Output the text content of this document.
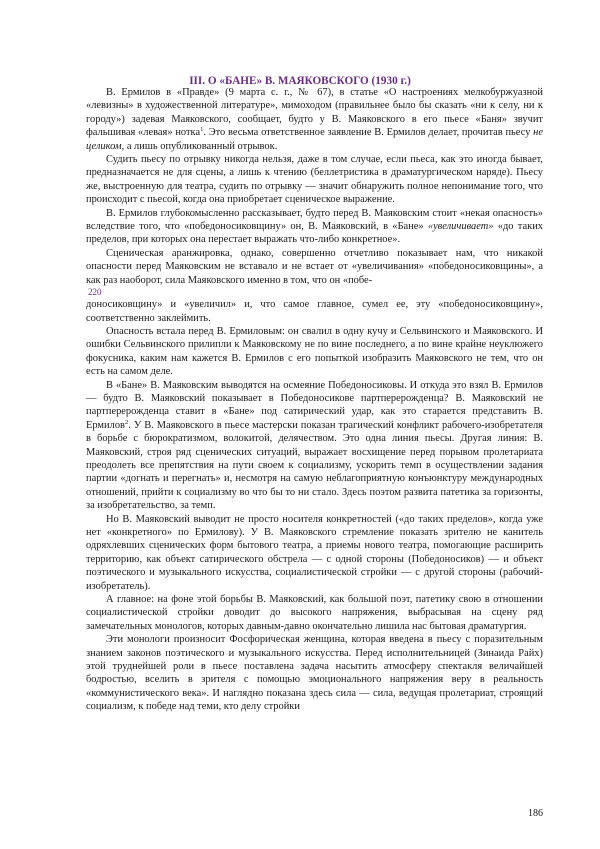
III. О «БАНЕ» В. МАЯКОВСКОГО (1930 г.)

В. Ермилов в «Правде» (9 марта с. г., № 67), в статье «О настроениях мелкобуржуазной «левизны» в художественной литературе», мимоходом (правильнее было бы сказать «ни к селу, ни к городу») задевая Маяковского, сообщает, будто у В. Маяковского в его пьесе «Баня» звучит фальшивая «левая» нотка$^1$. Это весьма ответственное заявление В. Ермилов делает, прочитав пьесу не целиком, а лишь опубликованный отрывок.

Судить пьесу по отрывку никогда нельзя, даже в том случае, если пьеса, как это иногда бывает, предназначается не для сцены, а лишь к чтению (беллетристика в драматургическом наряде). Пьесу же, выстроенную для театра, судить по отрывку — значит обнаружить полное непонимание того, что происходит с пьесой, когда она приобретает сценическое выражение.

В. Ермилов глубокомысленно рассказывает, будто перед В. Маяковским стоит «некая опасность» вследствие того, что «победоносиковщину» он, В. Маяковский, в «Бане» «увеличивает» «до таких пределов, при которых она перестает выражать что-либо конкретное».

Сценическая аранжировка, однако, совершенно отчетливо показывает нам, что никакой опасности перед Маяковским не вставало и не встает от «увеличивания» «победоносиковщины», а как раз наоборот, сила Маяковского именно в том, что он «побе-

220

доносиковщину» и «увеличил» и, что самое главное, сумел ее, эту «победоносиковщину», соответственно заклеймить.

Опасность встала перед В. Ермиловым: он свалил в одну кучу и Сельвинского и Маяковского. И ошибки Сельвинского прилипли к Маяковскому не по вине последнего, а по вине крайне неуклюжего фокусника, каким нам кажется В. Ермилов с его попыткой изобразить Маяковского не тем, что он есть на самом деле.

В «Бане» В. Маяковским выводятся на осмеяние Победоносиковы. И откуда это взял В. Ермилов — будто В. Маяковский показывает в Победоносикове партперерожденца? В. Маяковский не партперерожденца ставит в «Бане» под сатирический удар, как это старается представить В. Ермилов$^2$. У В. Маяковского в пьесе мастерски показан трагический конфликт рабочего-изобретателя в борьбе с бюрократизмом, волокитой, делячеством. Это одна линия пьесы. Другая линия: В. Маяковский, строя ряд сценических ситуаций, выражает восхищение перед порывом пролетариата преодолеть все препятствия на пути своем к социализму, ускорить темп в осуществлении задания партии «догнать и перегнать» и, несмотря на самую неблагоприятную конъюнктуру международных отношений, прийти к социализму во что бы то ни стало. Здесь поэтом развита патетика за горизонты, за изобретательство, за темп.

Но В. Маяковский выводит не просто носителя конкретностей («до таких пределов», когда уже нет «конкретного» по Ермилову). У В. Маяковского стремление показать зрителю не канитель одряхлевших сценических форм бытового театра, а приемы нового театра, помогающие расширить территорию, как объект сатирического обстрела — с одной стороны (Победоносиков) — и объект поэтического и музыкального искусства, социалистической стройки — с другой стороны (рабочий-изобретатель).

А главное: на фоне этой борьбы В. Маяковский, как большой поэт, патетику свою в отношении социалистической стройки доводит до высокого напряжения, выбрасывая на сцену ряд замечательных монологов, которых давным-давно окончательно лишила нас бытовая драматургия.

Эти монологи произносит Фосфорическая женщина, которая введена в пьесу с поразительным знанием законов поэтического и музыкального искусства. Перед исполнительницей (Зинаида Райх) этой труднейшей роли в пьесе поставлена задача насытить атмосферу спектакля величайшей бодростью, вселить в зрителя с помощью эмоционального напряжения веру в реальность «коммунистического века». И наглядно показана здесь сила — сила, ведущая пролетариат, строящий социализм, к победе над теми, кто делу стройки

186
